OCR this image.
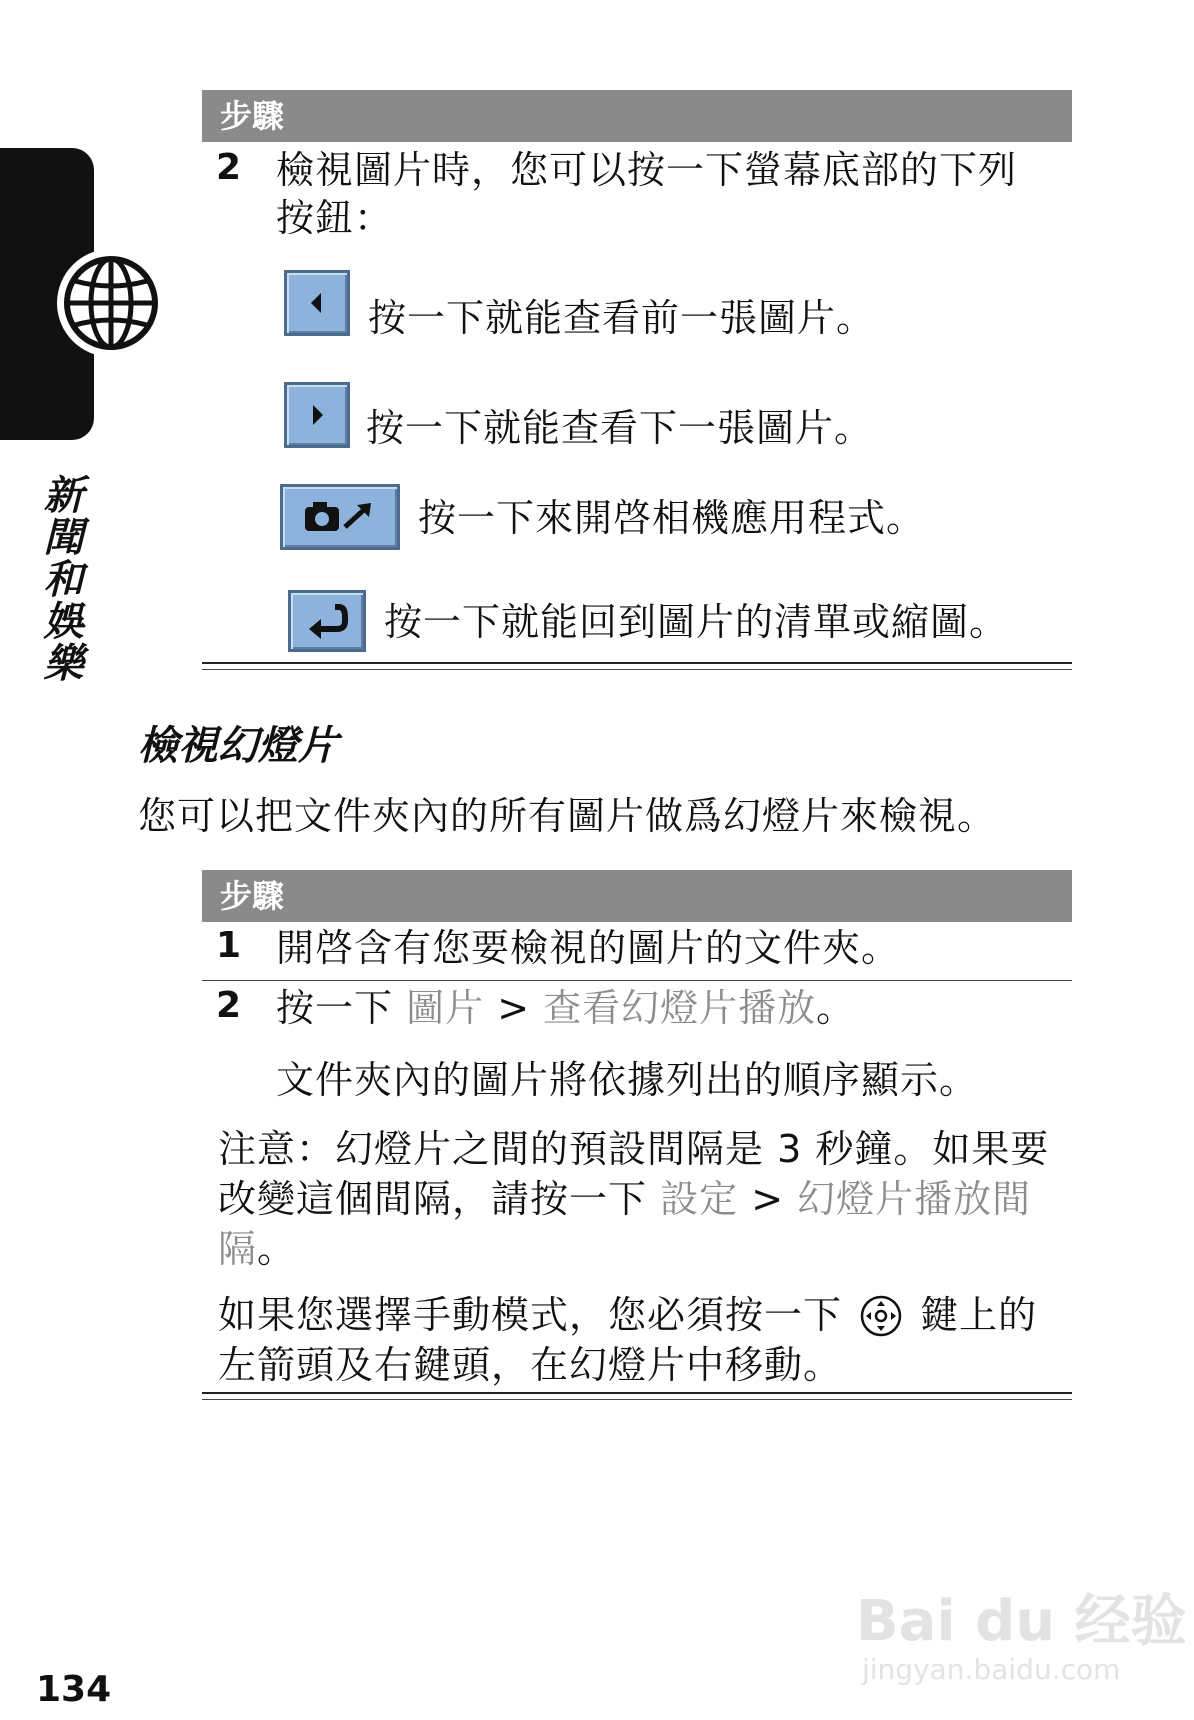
新聞和娛樂
步驟
2 檢視圖片時，您可以按一下螢幕底部的下列
按鈕：
按一下就能查看前一張圖片。
按一下就能查看下一張圖片。
按一下來開啓相機應用程式。
按一下就能回到圖片的清單或縮圖。
檢視幻燈片
您可以把文件夾內的所有圖片做爲幻燈片來檢視。
步驟
1 開啓含有您要檢視的圖片的文件夾。
2 按一下 圖片 > 查看幻燈片播放。
文件夾內的圖片將依據列出的順序顯示。
注意：幻燈片之間的預設間隔是 3 秒鐘。如果要
改變這個間隔，請按一下 設定 > 幻燈片播放間
隔。
如果您選擇手動模式，您必須按一下  鍵上的
左箭頭及右鍵頭，在幻燈片中移動。
134
Bai du 经验
jingyan.baidu.com
